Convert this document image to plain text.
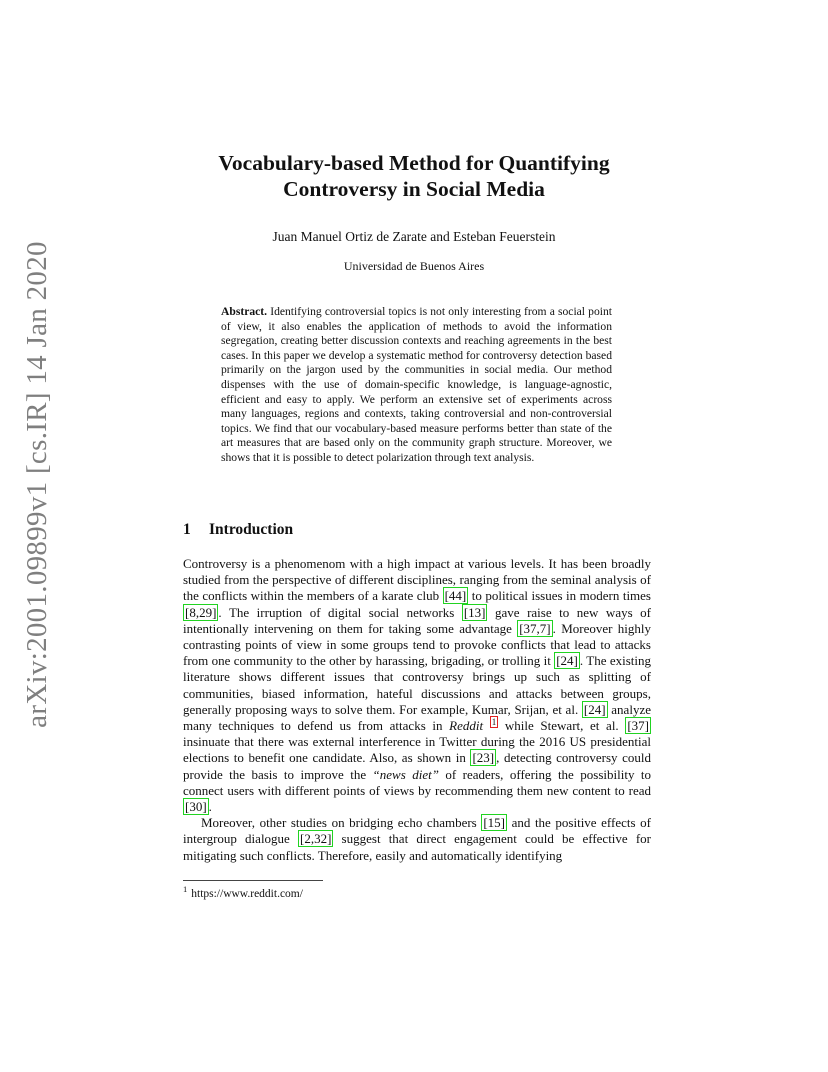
arXiv:2001.09899v1 [cs.IR] 14 Jan 2020
Vocabulary-based Method for Quantifying
Controversy in Social Media

Juan Manuel Ortiz de Zarate and Esteban Feuerstein

Universidad de Buenos Aires

Abstract. Identifying controversial topics is not only interesting from a social point of view, it also enables the application of methods to avoid the information segregation, creating better discussion contexts and reaching agreements in the best cases. In this paper we develop a systematic method for controversy detection based primarily on the jargon used by the communities in social media. Our method dispenses with the use of domain-specific knowledge, is language-agnostic, efficient and easy to apply. We perform an extensive set of experiments across many languages, regions and contexts, taking controversial and non-controversial topics. We find that our vocabulary-based measure performs better than state of the art measures that are based only on the community graph structure. Moreover, we shows that it is possible to detect polarization through text analysis.

1 Introduction

Controversy is a phenomenom with a high impact at various levels. It has been broadly studied from the perspective of different disciplines, ranging from the seminal analysis of the conflicts within the members of a karate club [44] to political issues in modern times [8,29] . The irruption of digital social networks [13] gave raise to new ways of intentionally intervening on them for taking some advantage [37,7] . Moreover highly contrasting points of view in some groups tend to provoke conflicts that lead to attacks from one community to the other by harassing, brigading, or trolling it [24] . The existing literature shows different issues that controversy brings up such as splitting of communities, biased information, hateful discussions and attacks between groups, generally proposing ways to solve them. For example, Kumar, Srijan, et al. [24] analyze many techniques to defend us from attacks in Reddit $^1$ while Stewart, et al. [37] insinuate that there was external interference in Twitter during the 2016 US presidential elections to benefit one candidate. Also, as shown in [23] , detecting controversy could provide the basis to improve the “news diet” of readers, offering the possibility to connect users with different points of views by recommending them new content to read [30] .

Moreover, other studies on bridging echo chambers [15] and the positive effects of intergroup dialogue [2,32] suggest that direct engagement could be effective for mitigating such conflicts. Therefore, easily and automatically identifying

$^1$ https://www.reddit.com/
